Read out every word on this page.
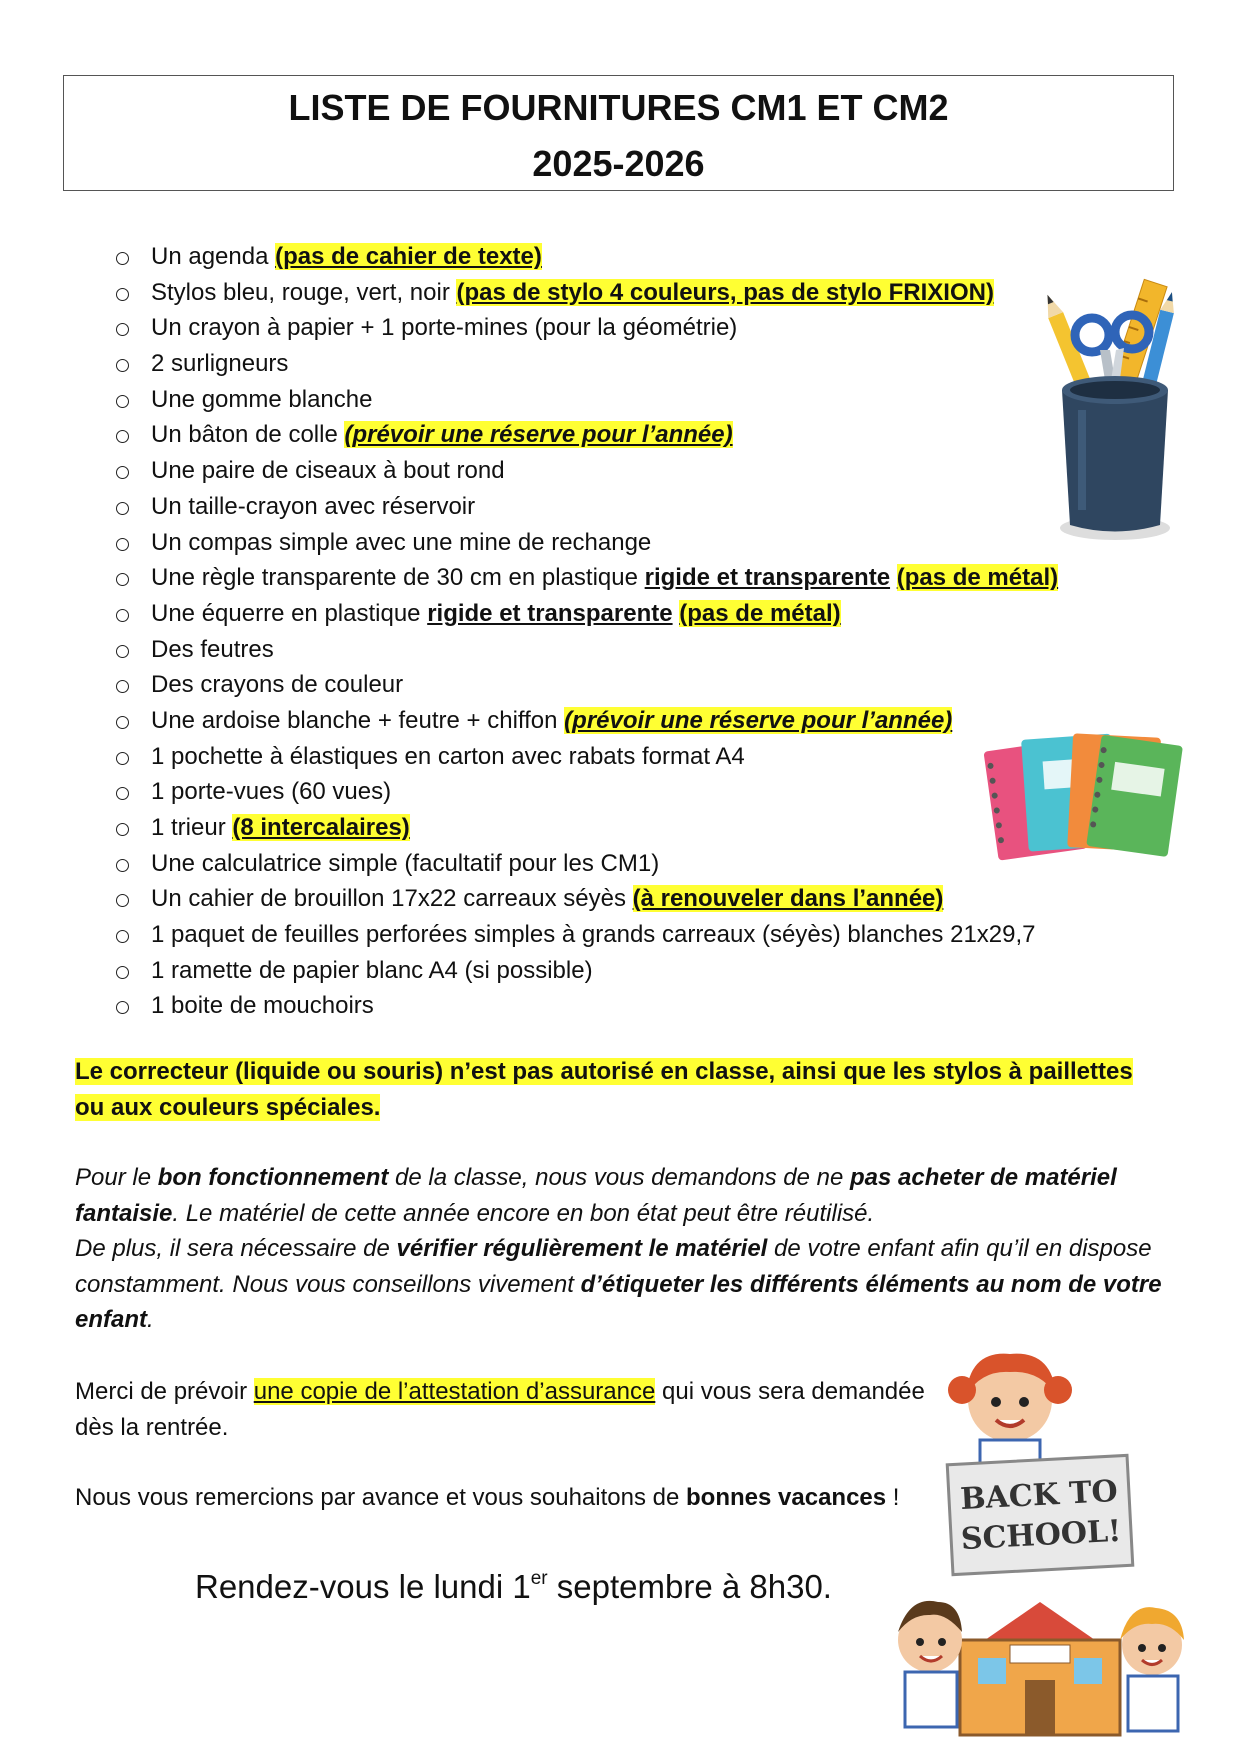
LISTE DE FOURNITURES CM1 ET CM2
2025-2026
Un agenda (pas de cahier de texte)
Stylos bleu, rouge, vert, noir (pas de stylo 4 couleurs, pas de stylo FRIXION)
Un crayon à papier + 1 porte-mines (pour la géométrie)
2 surligneurs
Une gomme blanche
Un bâton de colle (prévoir une réserve pour l’année)
Une paire de ciseaux à bout rond
Un taille-crayon avec réservoir
Un compas simple avec une mine de rechange
Une règle transparente de 30 cm en plastique rigide et transparente (pas de métal)
Une équerre en plastique rigide et transparente (pas de métal)
Des feutres
Des crayons de couleur
Une ardoise blanche + feutre + chiffon (prévoir une réserve pour l’année)
1 pochette à élastiques en carton avec rabats format A4
1 porte-vues (60 vues)
1 trieur (8 intercalaires)
Une calculatrice simple (facultatif pour les CM1)
Un cahier de brouillon 17x22 carreaux séyès (à renouveler dans l’année)
1 paquet de feuilles perforées simples à grands carreaux (séyès) blanches 21x29,7
1 ramette de papier blanc A4 (si possible)
1 boite de mouchoirs
Le correcteur (liquide ou souris) n’est pas autorisé en classe, ainsi que les stylos à paillettes
ou aux couleurs spéciales.
Pour le bon fonctionnement de la classe, nous vous demandons de ne pas acheter de matériel fantaisie. Le matériel de cette année encore en bon état peut être réutilisé.
De plus, il sera nécessaire de vérifier régulièrement le matériel de votre enfant afin qu’il en dispose constamment. Nous vous conseillons vivement d’étiqueter les différents éléments au nom de votre enfant.
Merci de prévoir une copie de l’attestation d’assurance qui vous sera demandée dès la rentrée.
Nous vous remercions par avance et vous souhaitons de bonnes vacances !
Rendez-vous le lundi 1er septembre à 8h30.
BACK TO
SCHOOL!
